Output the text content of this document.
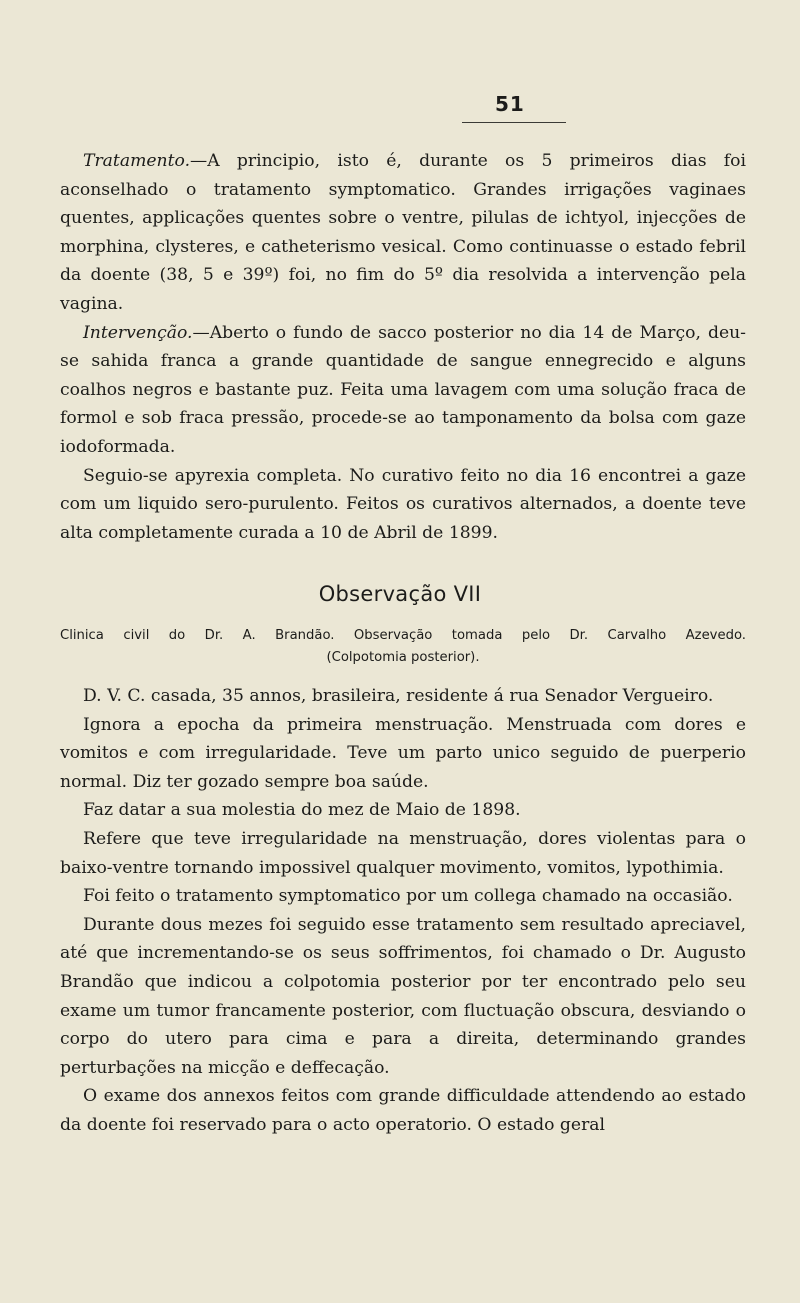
51

Tratamento.—A principio, isto é, durante os 5 primeiros dias foi aconselhado o tratamento symptomatico. Grandes irrigações vaginaes quentes, applicações quentes sobre o ventre, pilulas de ichtyol, injecções de morphina, clysteres, e catheterismo vesical. Como continuasse o estado febril da doente (38, 5 e 39º) foi, no fim do 5º dia resolvida a intervenção pela vagina.

Intervenção.—Aberto o fundo de sacco posterior no dia 14 de Março, deu-se sahida franca a grande quantidade de sangue ennegrecido e alguns coalhos negros e bastante puz. Feita uma lavagem com uma solução fraca de formol e sob fraca pressão, procede-se ao tamponamento da bolsa com gaze iodoformada.

Seguio-se apyrexia completa. No curativo feito no dia 16 encontrei a gaze com um liquido sero-purulento. Feitos os curativos alternados, a doente teve alta completamente curada a 10 de Abril de 1899.

Observação VII
Clinica civil do Dr. A. Brandão. Observação tomada pelo Dr. Carvalho Azevedo.
(Colpotomia posterior).

D. V. C. casada, 35 annos, brasileira, residente á rua Senador Vergueiro.

Ignora a epocha da primeira menstruação. Menstruada com dores e vomitos e com irregularidade. Teve um parto unico seguido de puerperio normal. Diz ter gozado sempre boa saúde.

Faz datar a sua molestia do mez de Maio de 1898.

Refere que teve irregularidade na menstruação, dores violentas para o baixo-ventre tornando impossivel qualquer movimento, vomitos, lypothimia.

Foi feito o tratamento symptomatico por um collega chamado na occasião.

Durante dous mezes foi seguido esse tratamento sem resultado apreciavel, até que incrementando-se os seus soffrimentos, foi chamado o Dr. Augusto Brandão que indicou a colpotomia posterior por ter encontrado pelo seu exame um tumor francamente posterior, com fluctuação obscura, desviando o corpo do utero para cima e para a direita, determinando grandes perturbações na micção e deffecação.

O exame dos annexos feitos com grande difficuldade attendendo ao estado da doente foi reservado para o acto operatorio. O estado geral
